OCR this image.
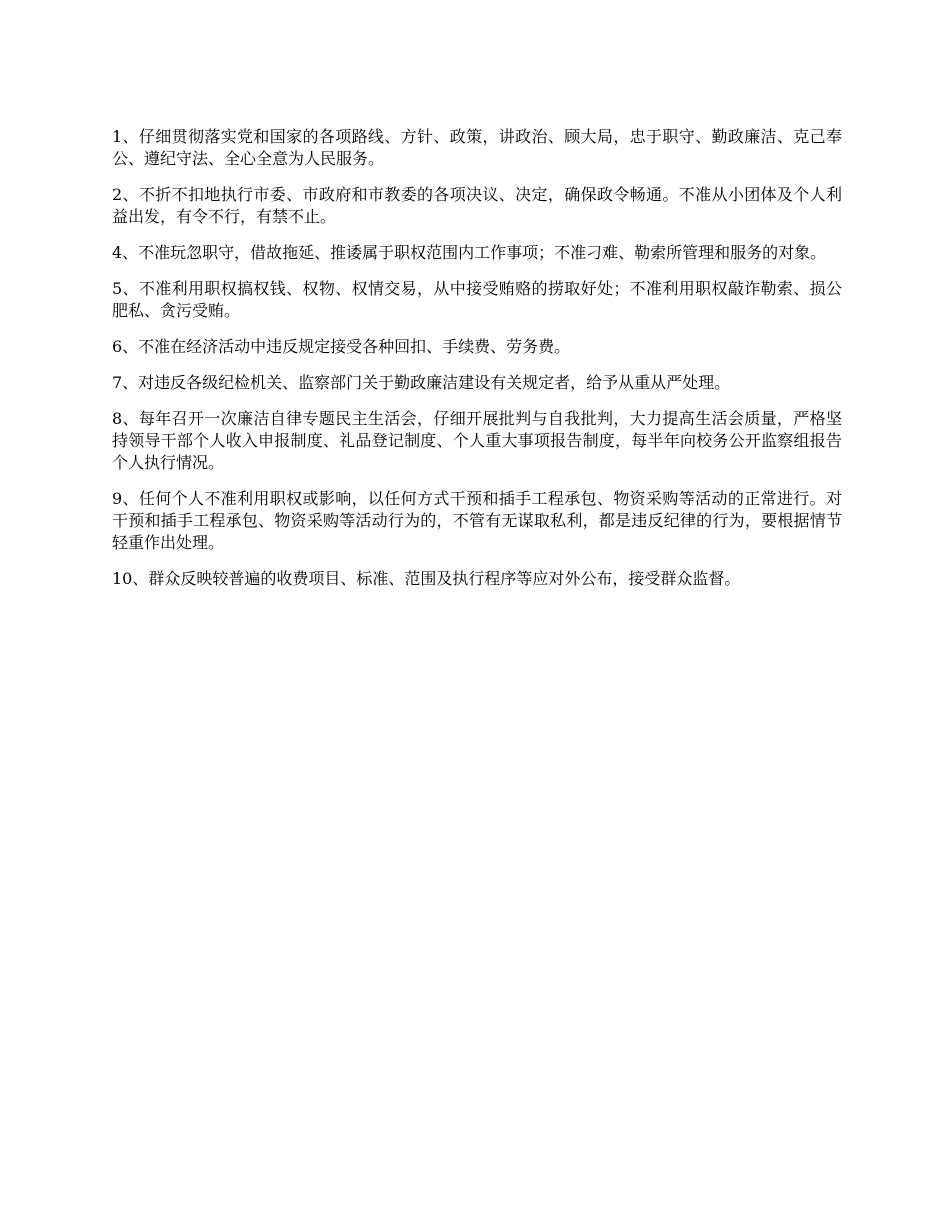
1、仔细贯彻落实党和国家的各项路线、方针、政策，讲政治、顾大局，忠于职守、勤政廉洁、克己奉公、遵纪守法、全心全意为人民服务。

2、不折不扣地执行市委、市政府和市教委的各项决议、决定，确保政令畅通。不准从小团体及个人利益出发，有令不行，有禁不止。

4、不准玩忽职守，借故拖延、推诿属于职权范围内工作事项；不准刁难、勒索所管理和服务的对象。

5、不准利用职权搞权钱、权物、权情交易，从中接受贿赂的捞取好处；不准利用职权敲诈勒索、损公肥私、贪污受贿。

6、不准在经济活动中违反规定接受各种回扣、手续费、劳务费。

7、对违反各级纪检机关、监察部门关于勤政廉洁建设有关规定者，给予从重从严处理。

8、每年召开一次廉洁自律专题民主生活会，仔细开展批判与自我批判，大力提高生活会质量，严格坚持领导干部个人收入申报制度、礼品登记制度、个人重大事项报告制度，每半年向校务公开监察组报告个人执行情况。

9、任何个人不准利用职权或影响，以任何方式干预和插手工程承包、物资采购等活动的正常进行。对干预和插手工程承包、物资采购等活动行为的，不管有无谋取私利，都是违反纪律的行为，要根据情节轻重作出处理。

10、群众反映较普遍的收费项目、标准、范围及执行程序等应对外公布，接受群众监督。
